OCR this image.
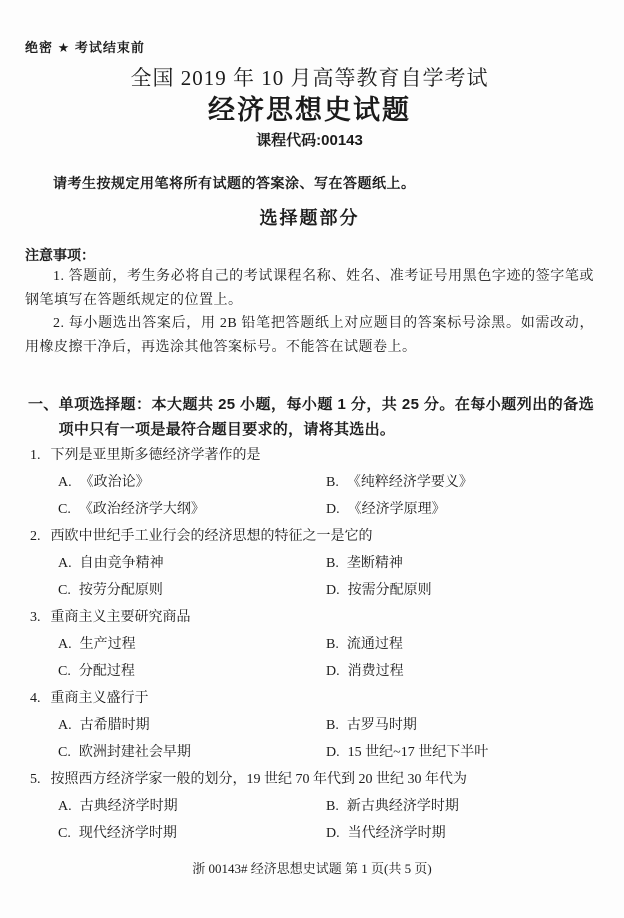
绝密 ★ 考试结束前
全国 2019 年 10 月高等教育自学考试
经济思想史试题
课程代码:00143
请考生按规定用笔将所有试题的答案涂、写在答题纸上。
选择题部分
注意事项：

1. 答题前，考生务必将自己的考试课程名称、姓名、准考证号用黑色字迹的签字笔或钢笔填写在答题纸规定的位置上。

2. 每小题选出答案后，用 2B 铅笔把答题纸上对应题目的答案标号涂黑。如需改动，用橡皮擦干净后，再选涂其他答案标号。不能答在试题卷上。

一、 单项选择题：本大题共 25 小题，每小题 1 分，共 25 分。在每小题列出的备选项中只有一项是最符合题目要求的，请将其选出。
1. 下列是亚里斯多德经济学著作的是
A. 《政治论》	B. 《纯粹经济学要义》
C. 《政治经济学大纲》	D. 《经济学原理》
2. 西欧中世纪手工业行会的经济思想的特征之一是它的
A. 自由竞争精神	B. 垄断精神
C. 按劳分配原则	D. 按需分配原则
3. 重商主义主要研究商品
A. 生产过程	B. 流通过程
C. 分配过程	D. 消费过程
4. 重商主义盛行于
A. 古希腊时期	B. 古罗马时期
C. 欧洲封建社会早期	D. 15 世纪~17 世纪下半叶
5. 按照西方经济学家一般的划分，19 世纪 70 年代到 20 世纪 30 年代为
A. 古典经济学时期	B. 新古典经济学时期
C. 现代经济学时期	D. 当代经济学时期
浙 00143# 经济思想史试题 第 1 页(共 5 页)
